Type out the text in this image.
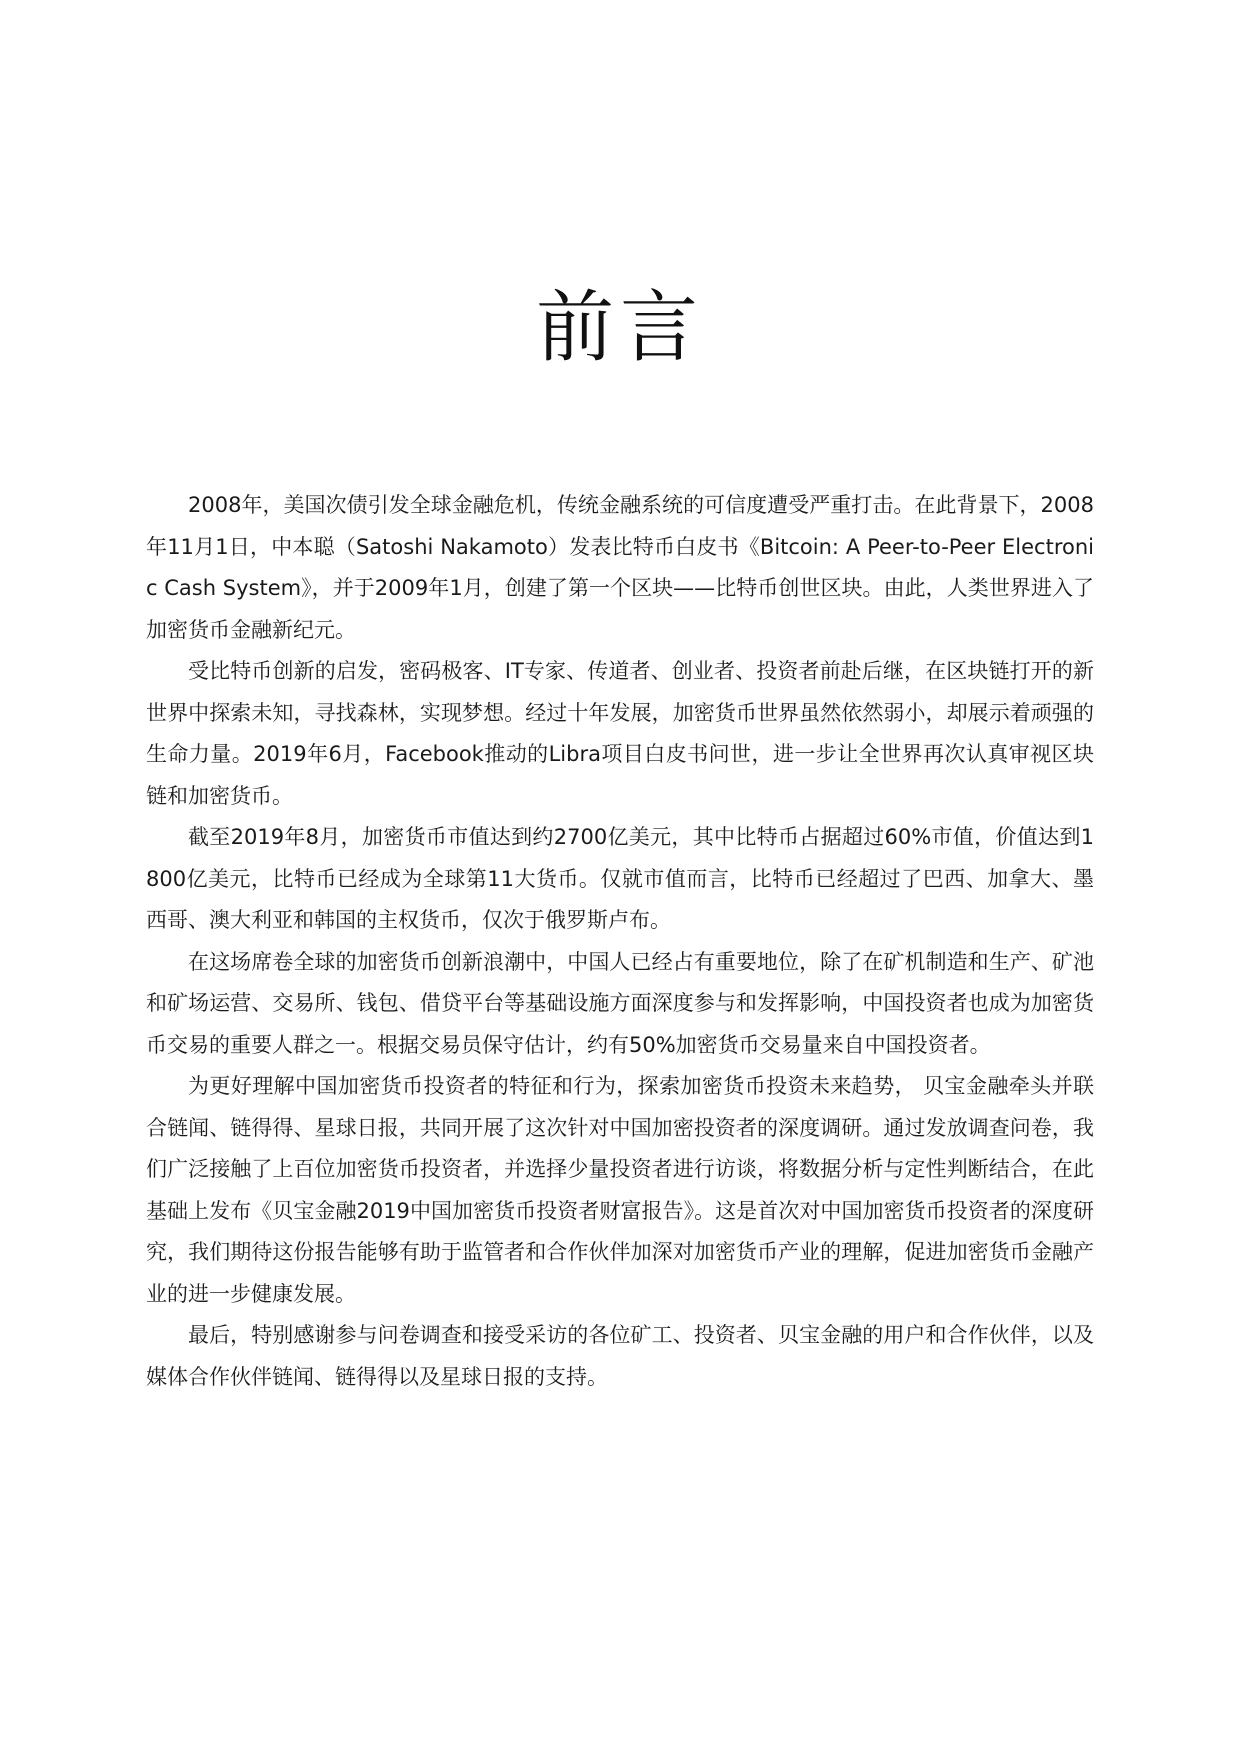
前言

2008年，美国次债引发全球金融危机，传统金融系统的可信度遭受严重打击。在此背景下，2008年11月1日，中本聪（Satoshi Nakamoto）发表比特币白皮书《Bitcoin: A Peer-to-Peer Electronic Cash System》，并于2009年1月，创建了第一个区块——比特币创世区块。由此，人类世界进入了加密货币金融新纪元。

受比特币创新的启发，密码极客、IT专家、传道者、创业者、投资者前赴后继，在区块链打开的新世界中探索未知，寻找森林，实现梦想。经过十年发展，加密货币世界虽然依然弱小，却展示着顽强的生命力量。2019年6月，Facebook推动的Libra项目白皮书问世，进一步让全世界再次认真审视区块链和加密货币。

截至2019年8月，加密货币市值达到约2700亿美元，其中比特币占据超过60%市值，价值达到1800亿美元，比特币已经成为全球第11大货币。仅就市值而言，比特币已经超过了巴西、加拿大、墨西哥、澳大利亚和韩国的主权货币，仅次于俄罗斯卢布。

在这场席卷全球的加密货币创新浪潮中，中国人已经占有重要地位，除了在矿机制造和生产、矿池和矿场运营、交易所、钱包、借贷平台等基础设施方面深度参与和发挥影响，中国投资者也成为加密货币交易的重要人群之一。根据交易员保守估计，约有50%加密货币交易量来自中国投资者。

为更好理解中国加密货币投资者的特征和行为，探索加密货币投资未来趋势， 贝宝金融牵头并联合链闻、链得得、星球日报，共同开展了这次针对中国加密投资者的深度调研。通过发放调查问卷，我们广泛接触了上百位加密货币投资者，并选择少量投资者进行访谈，将数据分析与定性判断结合，在此基础上发布《贝宝金融2019中国加密货币投资者财富报告》。这是首次对中国加密货币投资者的深度研究，我们期待这份报告能够有助于监管者和合作伙伴加深对加密货币产业的理解，促进加密货币金融产业的进一步健康发展。

最后，特别感谢参与问卷调查和接受采访的各位矿工、投资者、贝宝金融的用户和合作伙伴，以及媒体合作伙伴链闻、链得得以及星球日报的支持。
